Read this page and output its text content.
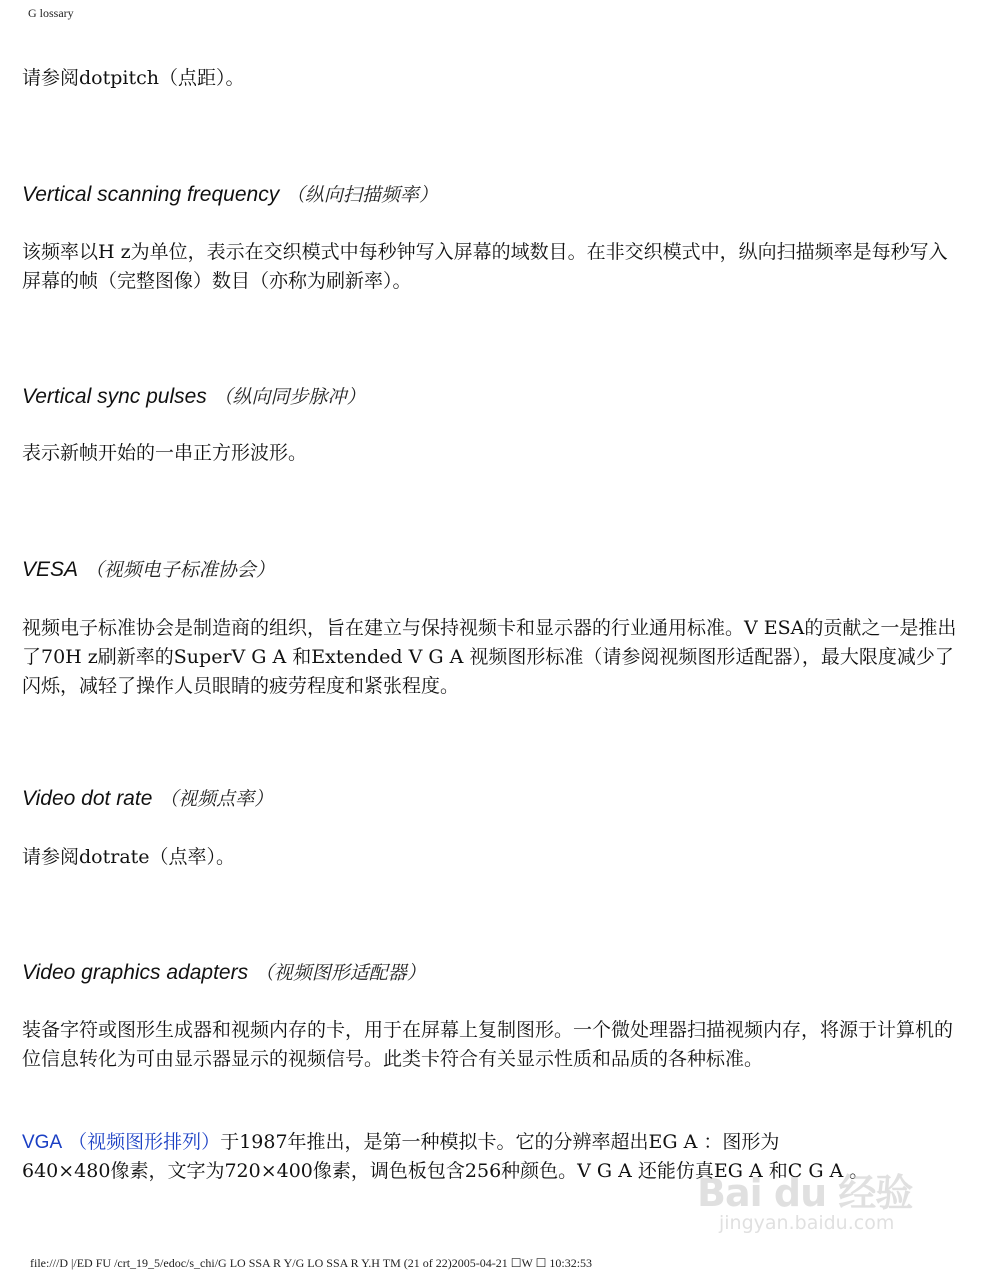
G lossary

请参阅dotpitch（点距）。

Vertical scanning frequency （纵向扫描频率）

该频率以H z为单位，表示在交织模式中每秒钟写入屏幕的域数目。在非交织模式中，纵向扫描频率是每秒写入屏幕的帧（完整图像）数目（亦称为刷新率）。

Vertical sync pulses （纵向同步脉冲）

表示新帧开始的一串正方形波形。

VESA （视频电子标准协会）

视频电子标准协会是制造商的组织，旨在建立与保持视频卡和显示器的行业通用标准。V ESA的贡献之一是推出了70H z刷新率的SuperV G A 和Extended V G A 视频图形标准（请参阅视频图形适配器），最大限度减少了闪烁，减轻了操作人员眼睛的疲劳程度和紧张程度。

Video dot rate （视频点率）

请参阅dotrate（点率）。

Video graphics adapters （视频图形适配器）

装备字符或图形生成器和视频内存的卡，用于在屏幕上复制图形。一个微处理器扫描视频内存，将源于计算机的位信息转化为可由显示器显示的视频信号。此类卡符合有关显示性质和品质的各种标准。

VGA （视频图形排列）于1987年推出，是第一种模拟卡。它的分辨率超出EG A ：图形为

640×480像素，文字为720×400像素，调色板包含256种颜色。V G A 还能仿真EG A 和C G A 。

Bai du 经验
jingyan.baidu.com
file:///D |/ED FU /crt_19_5/edoc/s_chi/G LO SSA R Y/G LO SSA R Y.H TM (21 of 22)2005-04-21 ☐W ☐ 10:32:53
